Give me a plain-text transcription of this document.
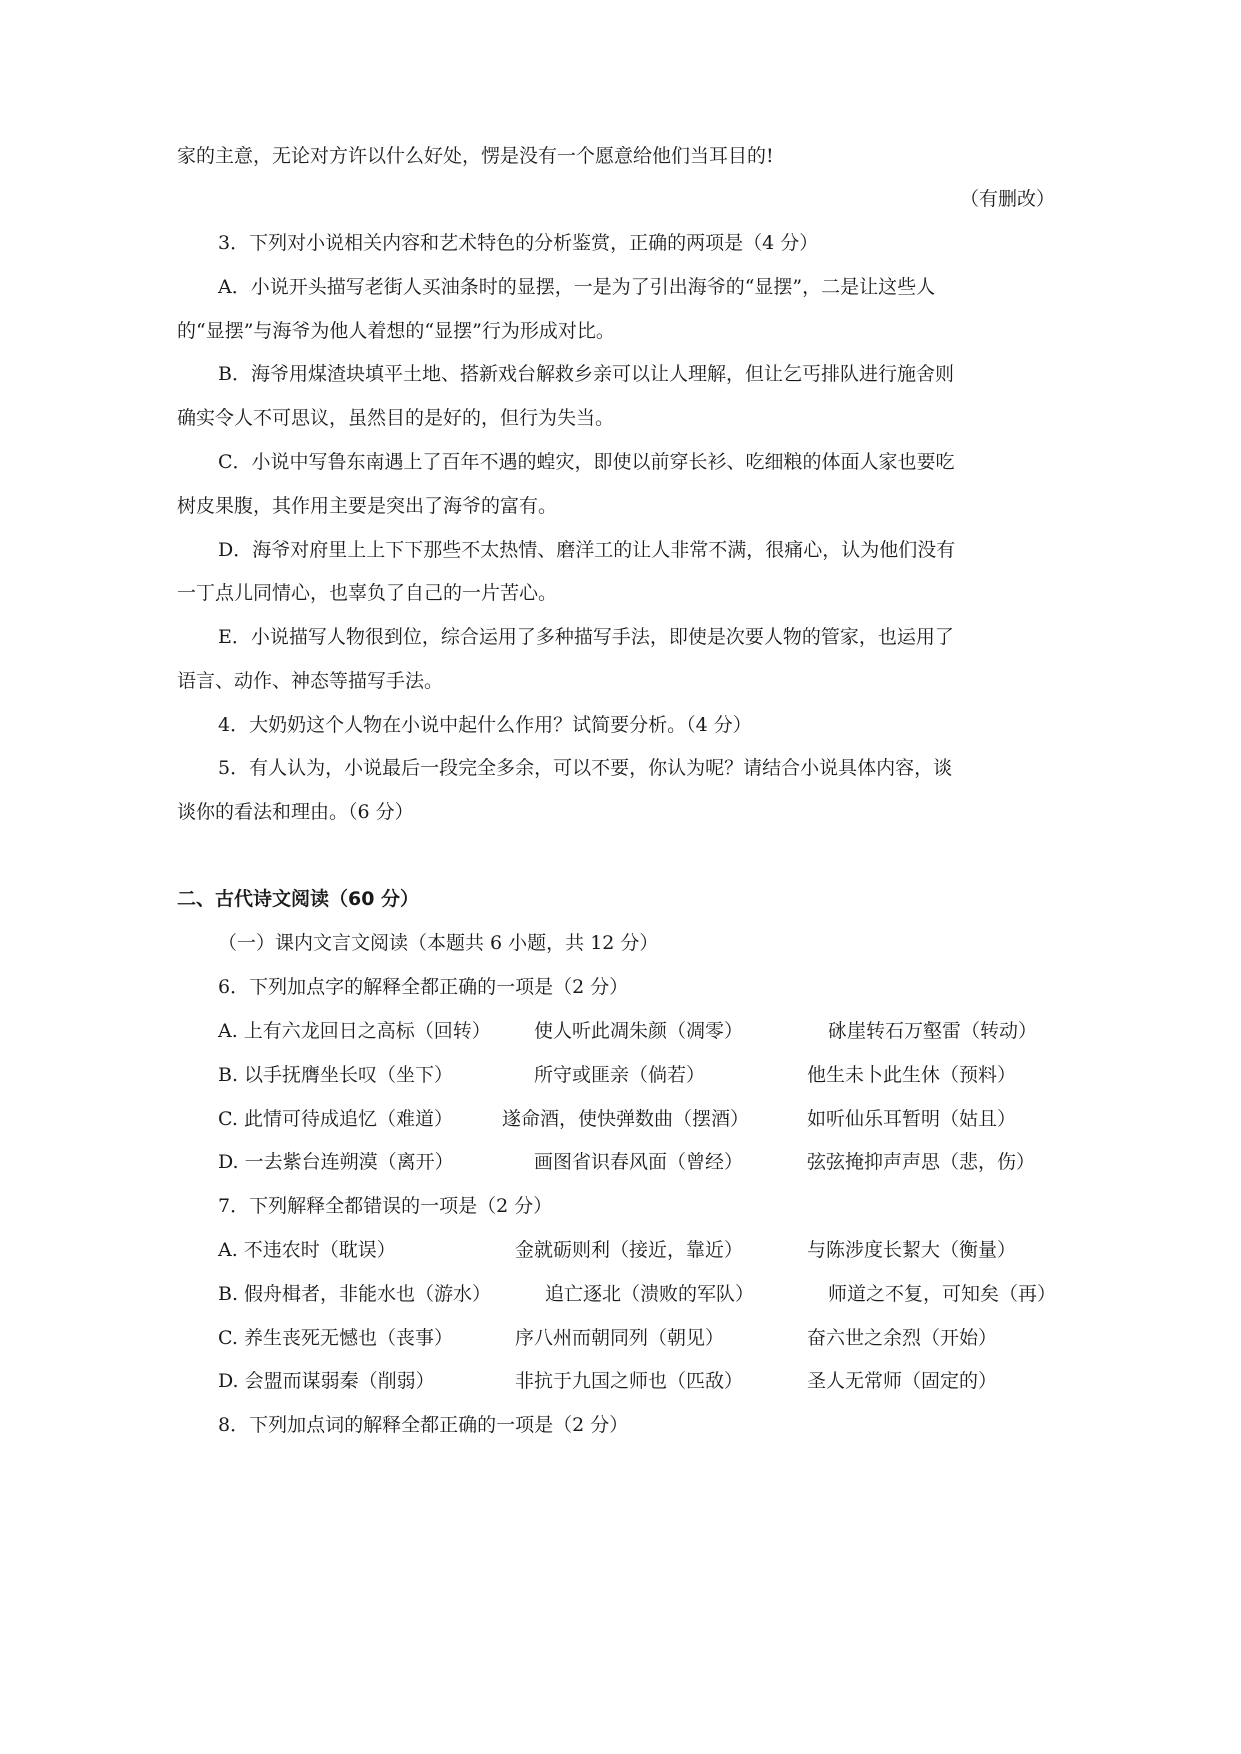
家的主意，无论对方许以什么好处，愣是没有一个愿意给他们当耳目的!
（有删改）
3．下列对小说相关内容和艺术特色的分析鉴赏，正确的两项是（4 分）
A．小说开头描写老街人买油条时的显摆，一是为了引出海爷的“显摆”，二是让这些人
的“显摆”与海爷为他人着想的“显摆”行为形成对比。
B．海爷用煤渣块填平土地、搭新戏台解救乡亲可以让人理解，但让乞丐排队进行施舍则
确实令人不可思议，虽然目的是好的，但行为失当。
C．小说中写鲁东南遇上了百年不遇的蝗灾，即使以前穿长衫、吃细粮的体面人家也要吃
树皮果腹，其作用主要是突出了海爷的富有。
D．海爷对府里上上下下那些不太热情、磨洋工的让人非常不满，很痛心，认为他们没有
一丁点儿同情心，也辜负了自己的一片苦心。
E．小说描写人物很到位，综合运用了多种描写手法，即使是次要人物的管家，也运用了
语言、动作、神态等描写手法。
4．大奶奶这个人物在小说中起什么作用？试简要分析。（4 分）
5．有人认为，小说最后一段完全多余，可以不要，你认为呢？请结合小说具体内容，谈
谈你的看法和理由。（6 分）
二、古代诗文阅读（60 分）
（一）课内文言文阅读（本题共 6 小题，共 12 分）
6．下列加点字的解释全都正确的一项是（2 分）
A. 上有六龙回日之高标（回转） 使人听此凋朱颜（凋零）	砯崖转石万壑雷（转动）
B. 以手抚膺坐长叹（坐下）	所守或匪亲（倘若）	他生未卜此生休（预料）
C. 此情可待成追忆（难道）	遂命酒，使快弹数曲（摆酒）	如听仙乐耳暂明（姑且）
D. 一去紫台连朔漠（离开）	画图省识春风面（曾经）	弦弦掩抑声声思（悲，伤）
7．下列解释全都错误的一项是（2 分）
A. 不违农时（耽误）	金就砺则利（接近，靠近）	与陈涉度长絜大（衡量）
B. 假舟楫者，非能水也（游水）	追亡逐北（溃败的军队）	师道之不复，可知矣（再）
C. 养生丧死无憾也（丧事）	序八州而朝同列（朝见）	奋六世之余烈（开始）
D. 会盟而谋弱秦（削弱）	非抗于九国之师也（匹敌）	圣人无常师（固定的）
8．下列加点词的解释全都正确的一项是（2 分）
